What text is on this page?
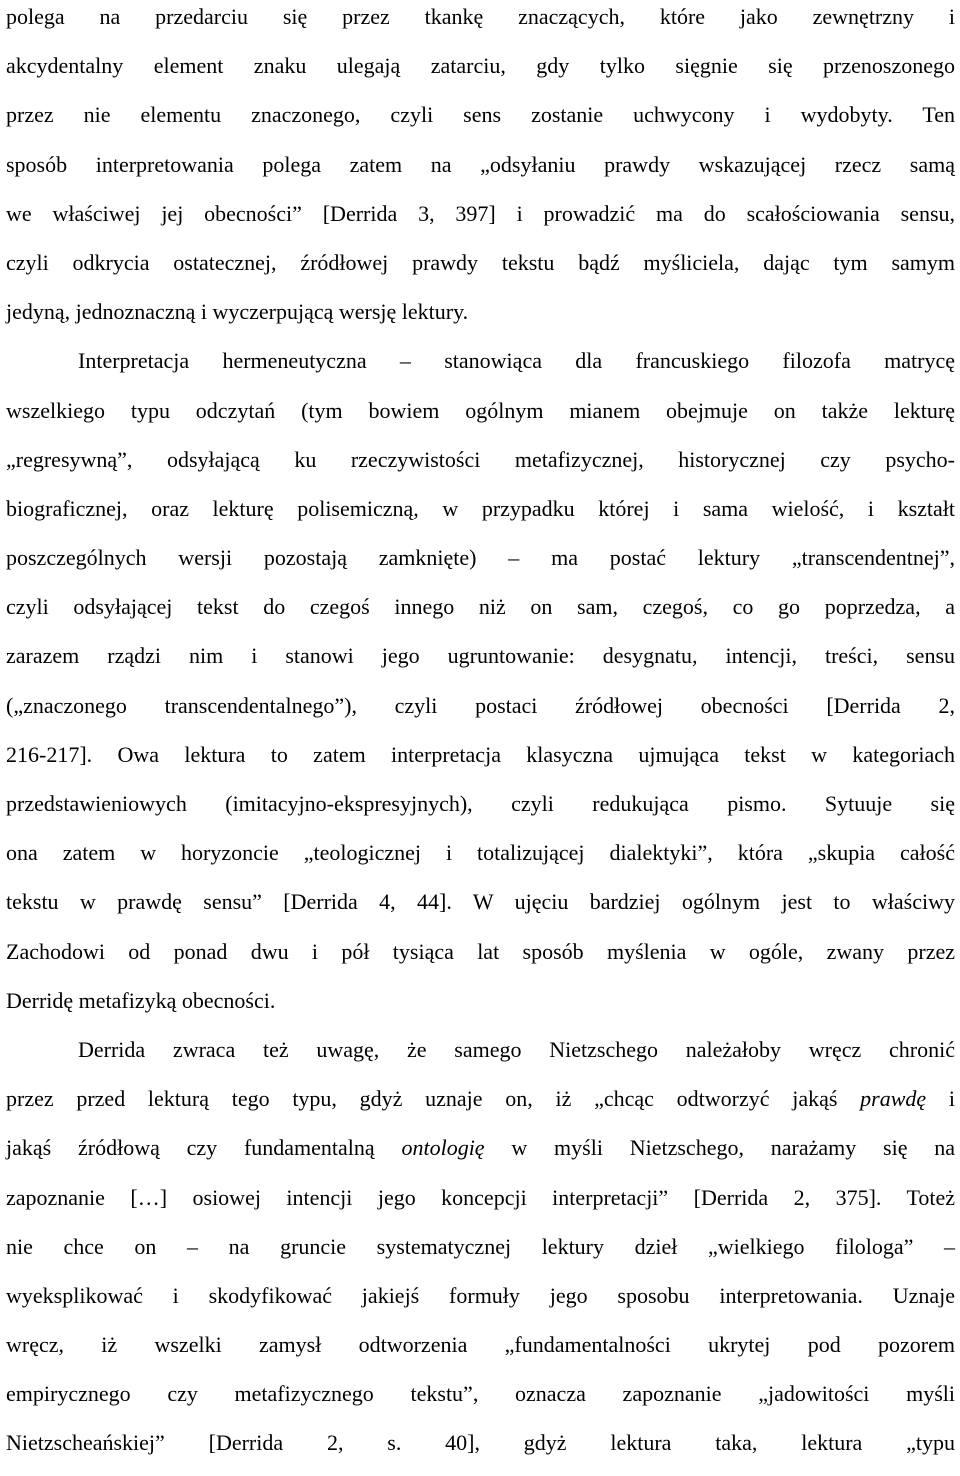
polega na przedarciu się przez tkankę znaczących, które jako zewnętrzny i
akcydentalny element znaku ulegają zatarciu, gdy tylko sięgnie się przenoszonego
przez nie elementu znaczonego, czyli sens zostanie uchwycony i wydobyty. Ten
sposób interpretowania polega zatem na „odsyłaniu prawdy wskazującej rzecz samą
we właściwej jej obecności” [Derrida 3, 397] i prowadzić ma do scałościowania sensu,
czyli odkrycia ostatecznej, źródłowej prawdy tekstu bądź myśliciela, dając tym samym
jedyną, jednoznaczną i wyczerpującą wersję lektury.
Interpretacja hermeneutyczna – stanowiąca dla francuskiego filozofa matrycę
wszelkiego typu odczytań (tym bowiem ogólnym mianem obejmuje on także lekturę
„regresywną”, odsyłającą ku rzeczywistości metafizycznej, historycznej czy psycho-
biograficznej, oraz lekturę polisemiczną, w przypadku której i sama wielość, i kształt
poszczególnych wersji pozostają zamknięte) – ma postać lektury „transcendentnej”,
czyli odsyłającej tekst do czegoś innego niż on sam, czegoś, co go poprzedza, a
zarazem rządzi nim i stanowi jego ugruntowanie: desygnatu, intencji, treści, sensu
(„znaczonego transcendentalnego”), czyli postaci źródłowej obecności [Derrida 2,
216-217]. Owa lektura to zatem interpretacja klasyczna ujmująca tekst w kategoriach
przedstawieniowych (imitacyjno-ekspresyjnych), czyli redukująca pismo. Sytuuje się
ona zatem w horyzoncie „teologicznej i totalizującej dialektyki”, która „skupia całość
tekstu w prawdę sensu” [Derrida 4, 44]. W ujęciu bardziej ogólnym jest to właściwy
Zachodowi od ponad dwu i pół tysiąca lat sposób myślenia w ogóle, zwany przez
Derridę metafizyką obecności.
Derrida zwraca też uwagę, że samego Nietzschego należałoby wręcz chronić
przez przed lekturą tego typu, gdyż uznaje on, iż „chcąc odtworzyć jakąś prawdę i
jakąś źródłową czy fundamentalną ontologię w myśli Nietzschego, narażamy się na
zapoznanie […] osiowej intencji jego koncepcji interpretacji” [Derrida 2, 375]. Toteż
nie chce on – na gruncie systematycznej lektury dzieł „wielkiego filologa” –
wyeksplikować i skodyfikować jakiejś formuły jego sposobu interpretowania. Uznaje
wręcz, iż wszelki zamysł odtworzenia „fundamentalności ukrytej pod pozorem
empirycznego czy metafizycznego tekstu”, oznacza zapoznanie „jadowitości myśli
Nietzscheańskiej” [Derrida 2, s. 40], gdyż lektura taka, lektura „typu
